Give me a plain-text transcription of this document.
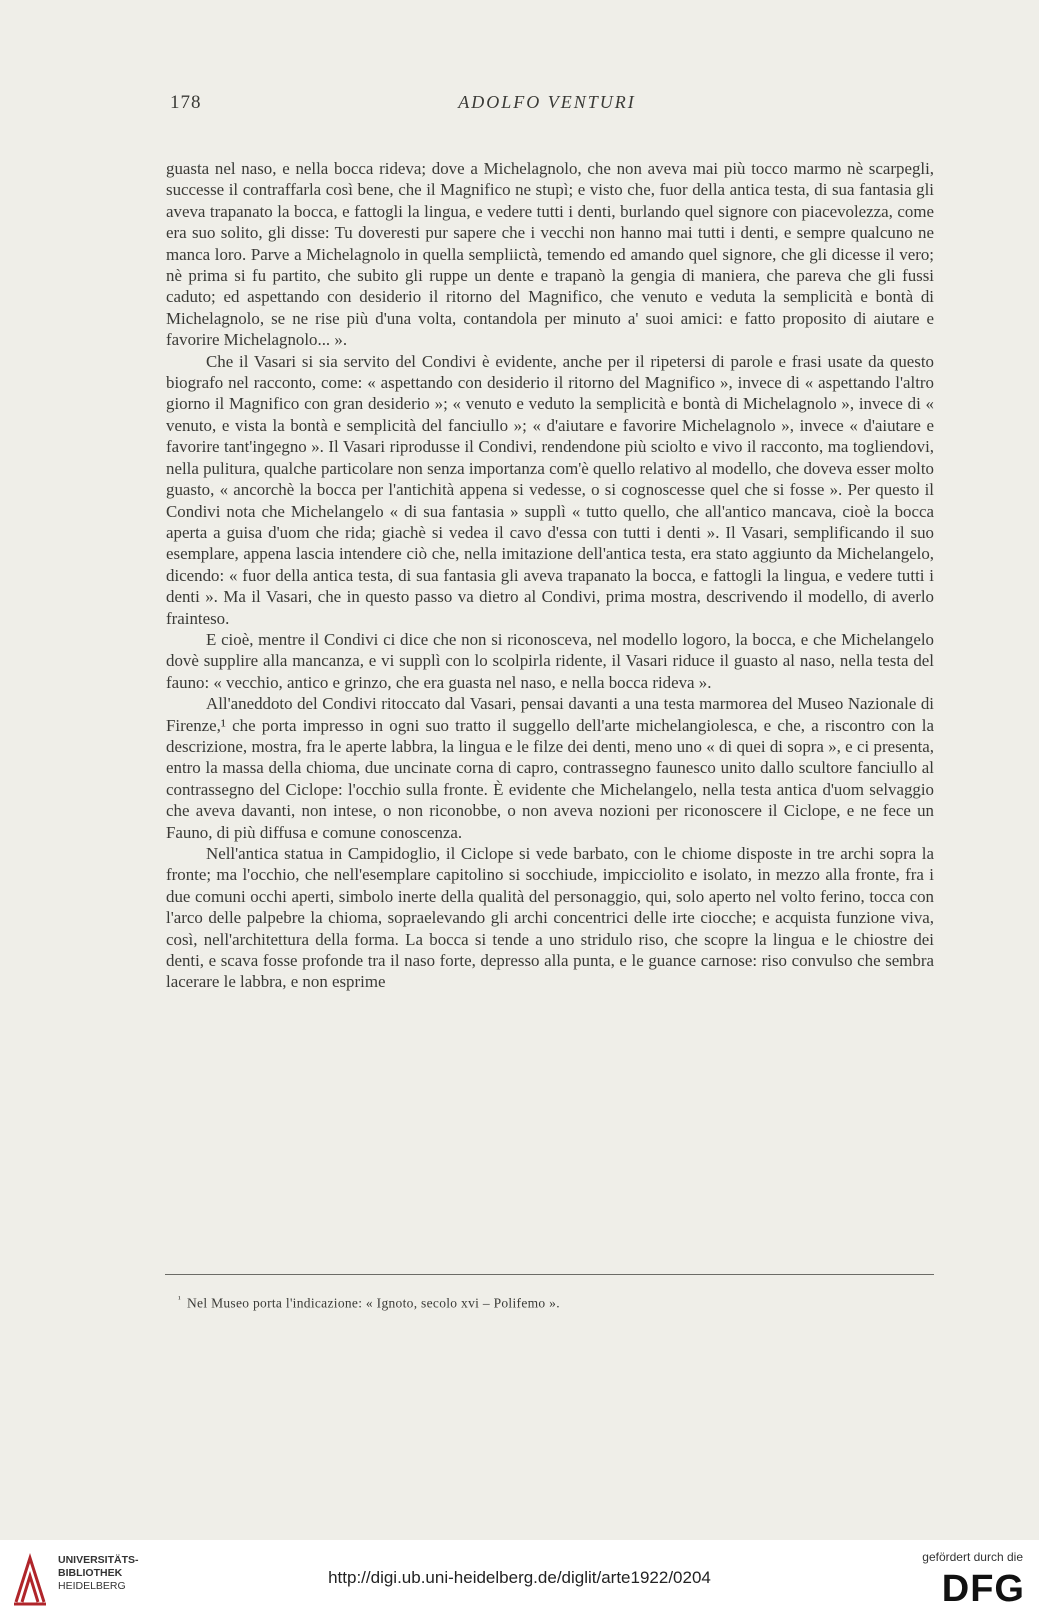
178	ADOLFO VENTURI

guasta nel naso, e nella bocca rideva; dove a Michelagnolo, che non aveva mai più tocco marmo nè scarpegli, successe il contraffarla così bene, che il Magnifico ne stupì; e visto che, fuor della antica testa, di sua fantasia gli aveva trapanato la bocca, e fattogli la lingua, e vedere tutti i denti, burlando quel signore con piacevolezza, come era suo solito, gli disse: Tu doveresti pur sapere che i vecchi non hanno mai tutti i denti, e sempre qualcuno ne manca loro. Parve a Michelagnolo in quella sempliictà, temendo ed amando quel signore, che gli dicesse il vero; nè prima si fu partito, che subito gli ruppe un dente e trapanò la gengia di maniera, che pareva che gli fussi caduto; ed aspettando con desiderio il ritorno del Magnifico, che venuto e veduta la semplicità e bontà di Michelagnolo, se ne rise più d'una volta, contandola per minuto a' suoi amici: e fatto proposito di aiutare e favorire Michelagnolo... ».

Che il Vasari si sia servito del Condivi è evidente, anche per il ripetersi di parole e frasi usate da questo biografo nel racconto, come: « aspettando con desiderio il ritorno del Magnifico », invece di « aspettando l'altro giorno il Magnifico con gran desiderio »; « venuto e veduto la semplicità e bontà di Michelagnolo », invece di « venuto, e vista la bontà e semplicità del fanciullo »; « d'aiutare e favorire Michelagnolo », invece « d'aiutare e favorire tant'ingegno ». Il Vasari riprodusse il Condivi, rendendone più sciolto e vivo il racconto, ma togliendovi, nella pulitura, qualche particolare non senza importanza com'è quello relativo al modello, che doveva esser molto guasto, « ancorchè la bocca per l'antichità appena si vedesse, o si cognoscesse quel che si fosse ». Per questo il Condivi nota che Michelangelo « di sua fantasia » supplì « tutto quello, che all'antico mancava, cioè la bocca aperta a guisa d'uom che rida; giachè si vedea il cavo d'essa con tutti i denti ». Il Vasari, semplificando il suo esemplare, appena lascia intendere ciò che, nella imitazione dell'antica testa, era stato aggiunto da Michelangelo, dicendo: « fuor della antica testa, di sua fantasia gli aveva trapanato la bocca, e fattogli la lingua, e vedere tutti i denti ». Ma il Vasari, che in questo passo va dietro al Condivi, prima mostra, descrivendo il modello, di averlo frainteso.

E cioè, mentre il Condivi ci dice che non si riconosceva, nel modello logoro, la bocca, e che Michelangelo dovè supplire alla mancanza, e vi supplì con lo scolpirla ridente, il Vasari riduce il guasto al naso, nella testa del fauno: « vecchio, antico e grinzo, che era guasta nel naso, e nella bocca rideva ».

All'aneddoto del Condivi ritoccato dal Vasari, pensai davanti a una testa marmorea del Museo Nazionale di Firenze,¹ che porta impresso in ogni suo tratto il suggello dell'arte michelangiolesca, e che, a riscontro con la descrizione, mostra, fra le aperte labbra, la lingua e le filze dei denti, meno uno « di quei di sopra », e ci presenta, entro la massa della chioma, due uncinate corna di capro, contrassegno faunesco unito dallo scultore fanciullo al contrassegno del Ciclope: l'occhio sulla fronte. È evidente che Michelangelo, nella testa antica d'uom selvaggio che aveva davanti, non intese, o non riconobbe, o non aveva nozioni per riconoscere il Ciclope, e ne fece un Fauno, di più diffusa e comune conoscenza.

Nell'antica statua in Campidoglio, il Ciclope si vede barbato, con le chiome disposte in tre archi sopra la fronte; ma l'occhio, che nell'esemplare capitolino si socchiude, impicciolito e isolato, in mezzo alla fronte, fra i due comuni occhi aperti, simbolo inerte della qualità del personaggio, qui, solo aperto nel volto ferino, tocca con l'arco delle palpebre la chioma, sopraelevando gli archi concentrici delle irte ciocche; e acquista funzione viva, così, nell'architettura della forma. La bocca si tende a uno stridulo riso, che scopre la lingua e le chiostre dei denti, e scava fosse profonde tra il naso forte, depresso alla punta, e le guance carnose: riso convulso che sembra lacerare le labbra, e non esprime

$^{^1}$ Nel Museo porta l'indicazione: « Ignoto, secolo xvi – Polifemo ».
UNIVERSITÄTS-
BIBLIOTHEK
HEIDELBERG	http://digi.ub.uni-heidelberg.de/diglit/arte1922/0204
gefördert durch die
DFG
